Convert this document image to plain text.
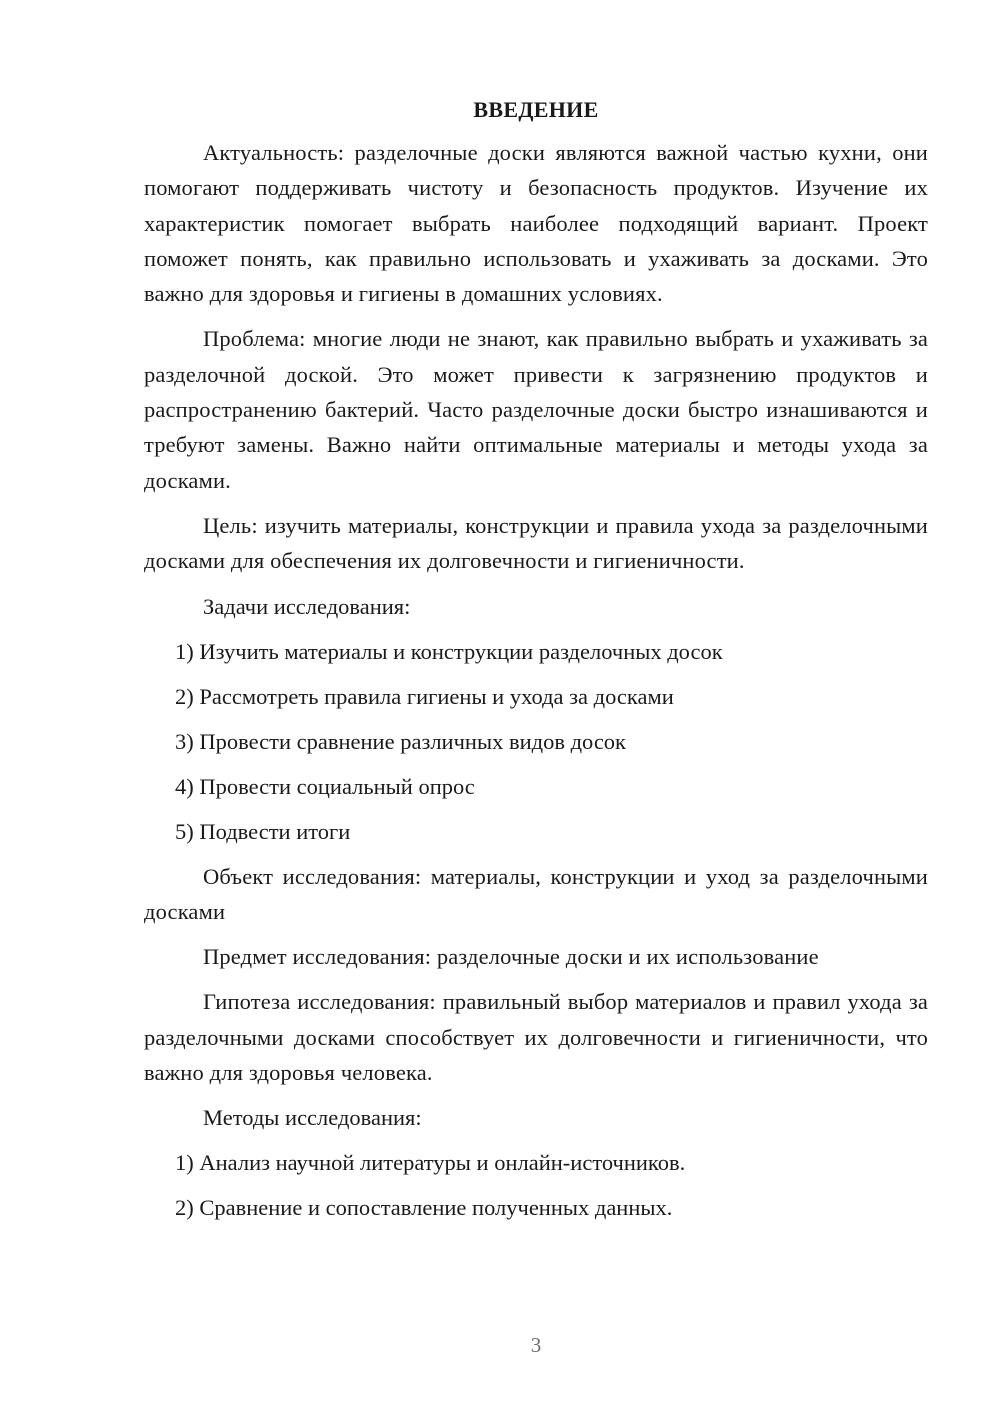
ВВЕДЕНИЕ

Актуальность: разделочные доски являются важной частью кухни, они помогают поддерживать чистоту и безопасность продуктов. Изучение их характеристик помогает выбрать наиболее подходящий вариант. Проект поможет понять, как правильно использовать и ухаживать за досками. Это важно для здоровья и гигиены в домашних условиях.

Проблема: многие люди не знают, как правильно выбрать и ухаживать за разделочной доской. Это может привести к загрязнению продуктов и распространению бактерий. Часто разделочные доски быстро изнашиваются и требуют замены. Важно найти оптимальные материалы и методы ухода за досками.

Цель: изучить материалы, конструкции и правила ухода за разделочными досками для обеспечения их долговечности и гигиеничности.

Задачи исследования:

1) Изучить материалы и конструкции разделочных досок

2) Рассмотреть правила гигиены и ухода за досками

3) Провести сравнение различных видов досок

4) Провести социальный опрос

5) Подвести итоги

Объект исследования: материалы, конструкции и уход за разделочными досками

Предмет исследования: разделочные доски и их использование

Гипотеза исследования: правильный выбор материалов и правил ухода за разделочными досками способствует их долговечности и гигиеничности, что важно для здоровья человека.

Методы исследования:

1) Анализ научной литературы и онлайн-источников.

2) Сравнение и сопоставление полученных данных.

3
